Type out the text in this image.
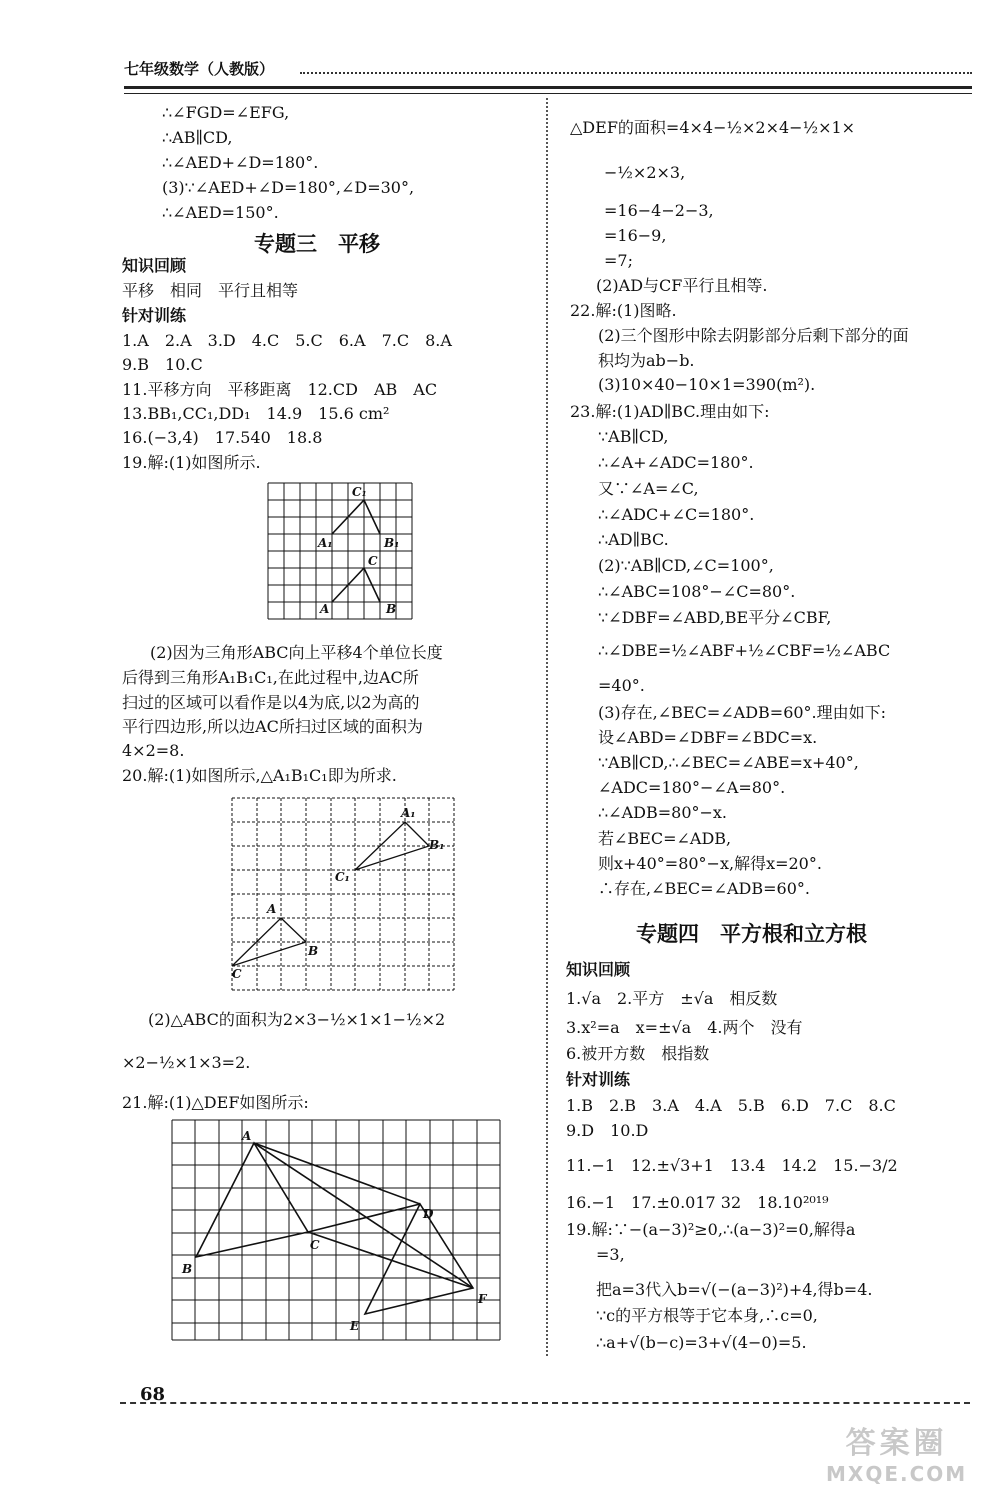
七年级数学（人教版）
∴∠FGD=∠EFG,
∴AB∥CD,
∴∠AED+∠D=180°.
(3)∵∠AED+∠D=180°,∠D=30°,
∴∠AED=150°.
专题三　平移
知识回顾
平移　相同　平行且相等
针对训练
1.A　2.A　3.D　4.C　5.C　6.A　7.C　8.A
9.B　10.C
11.平移方向　平移距离　12.CD　AB　AC
13.BB₁,CC₁,DD₁　14.9　15.6 cm²
16.(−3,4)　17.540　18.8
19.解:(1)如图所示.
C₁
A₁	B₁
C
A	B
(2)因为三角形ABC向上平移4个单位长度
后得到三角形A₁B₁C₁,在此过程中,边AC所
扫过的区域可以看作是以4为底,以2为高的
平行四边形,所以边AC所扫过区域的面积为
4×2=8.
20.解:(1)如图所示,△A₁B₁C₁即为所求.
A₁
B₁
C₁
A
B
C
(2)△ABC的面积为2×3−½×1×1−½×2
×2−½×1×3=2.
21.解:(1)△DEF如图所示:
A
B
C
D
E
F
△DEF的面积=4×4−½×2×4−½×1×
−½×2×3,
=16−4−2−3,
=16−9,
=7;
(2)AD与CF平行且相等.
22.解:(1)图略.
(2)三个图形中除去阴影部分后剩下部分的面
积均为ab−b.
(3)10×40−10×1=390(m²).
23.解:(1)AD∥BC.理由如下:
∵AB∥CD,
∴∠A+∠ADC=180°.
又∵∠A=∠C,
∴∠ADC+∠C=180°.
∴AD∥BC.
(2)∵AB∥CD,∠C=100°,
∴∠ABC=108°−∠C=80°.
∵∠DBF=∠ABD,BE平分∠CBF,
∴∠DBE=½∠ABF+½∠CBF=½∠ABC
=40°.
(3)存在,∠BEC=∠ADB=60°.理由如下:
设∠ABD=∠DBF=∠BDC=x.
∵AB∥CD,∴∠BEC=∠ABE=x+40°,
∠ADC=180°−∠A=80°.
∴∠ADB=80°−x.
若∠BEC=∠ADB,
则x+40°=80°−x,解得x=20°.
∴存在,∠BEC=∠ADB=60°.
专题四　平方根和立方根
知识回顾
1.√a　2.平方　±√a　相反数
3.x²=a　x=±√a　4.两个　没有
6.被开方数　根指数
针对训练
1.B　2.B　3.A　4.A　5.B　6.D　7.C　8.C
9.D　10.D
11.−1　12.±√3+1　13.4　14.2　15.−3/2
16.−1　17.±0.017 32　18.10²⁰¹⁹
19.解:∵−(a−3)²≥0,∴(a−3)²=0,解得a
=3,
把a=3代入b=√(−(a−3)²)+4,得b=4.
∵c的平方根等于它本身,∴c=0,
∴a+√(b−c)=3+√(4−0)=5.
68
答案圈
MXQE.COM
